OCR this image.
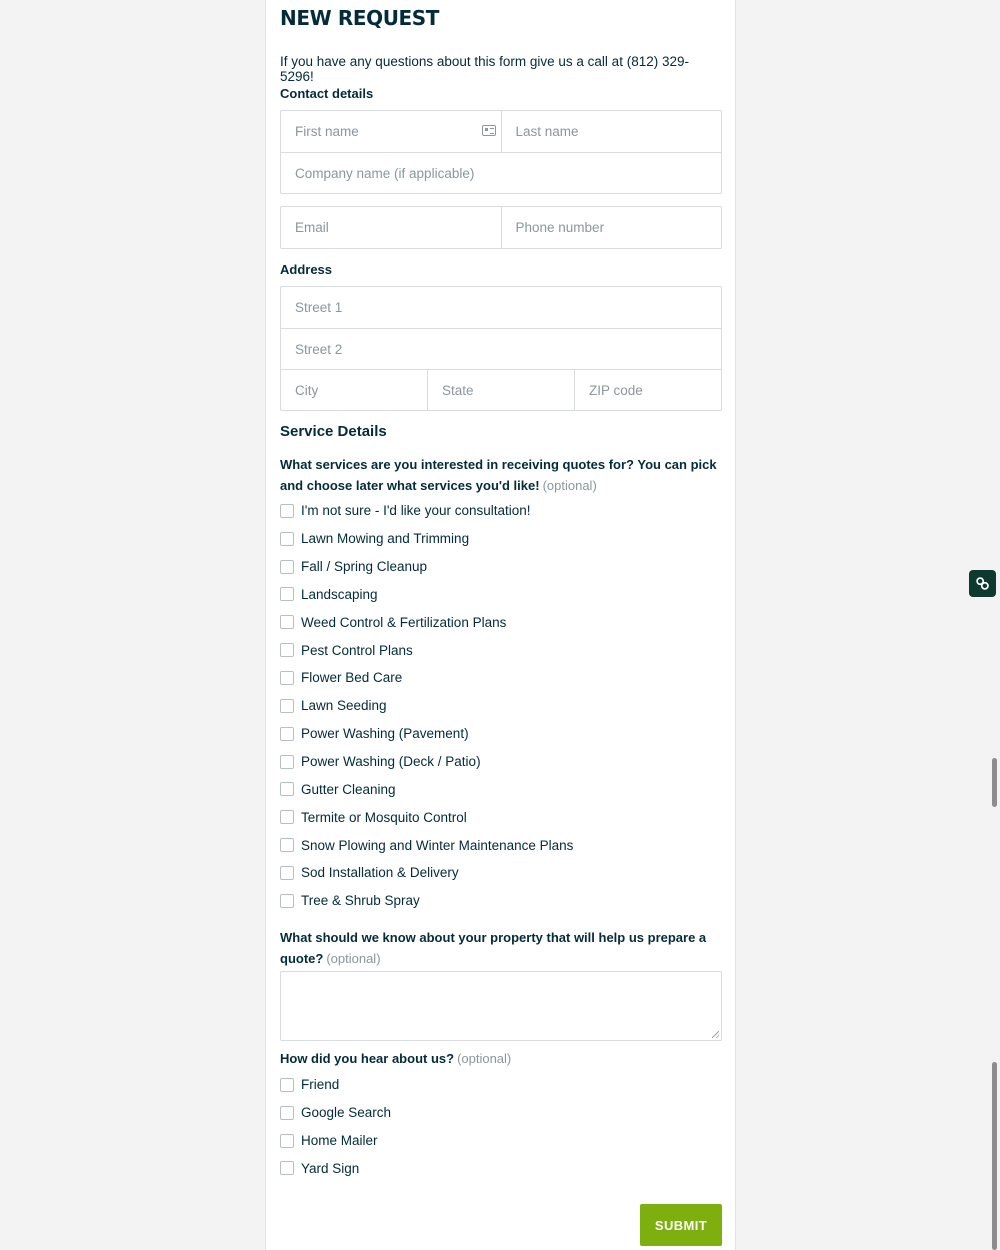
NEW REQUEST

If you have any questions about this form give us a call at (812) 329-5296!

Contact details
First name	Last name
Company name (if applicable)
Email	Phone number
Address
Street 1
Street 2
City	State	ZIP code
Service Details
What services are you interested in receiving quotes for? You can pick and choose later what services you'd like! (optional)
I'm not sure - I'd like your consultation!
Lawn Mowing and Trimming
Fall / Spring Cleanup
Landscaping
Weed Control & Fertilization Plans
Pest Control Plans
Flower Bed Care
Lawn Seeding
Power Washing (Pavement)
Power Washing (Deck / Patio)
Gutter Cleaning
Termite or Mosquito Control
Snow Plowing and Winter Maintenance Plans
Sod Installation & Delivery
Tree & Shrub Spray
What should we know about your property that will help us prepare a quote? (optional)
How did you hear about us? (optional)
Friend
Google Search
Home Mailer
Yard Sign
SUBMIT
